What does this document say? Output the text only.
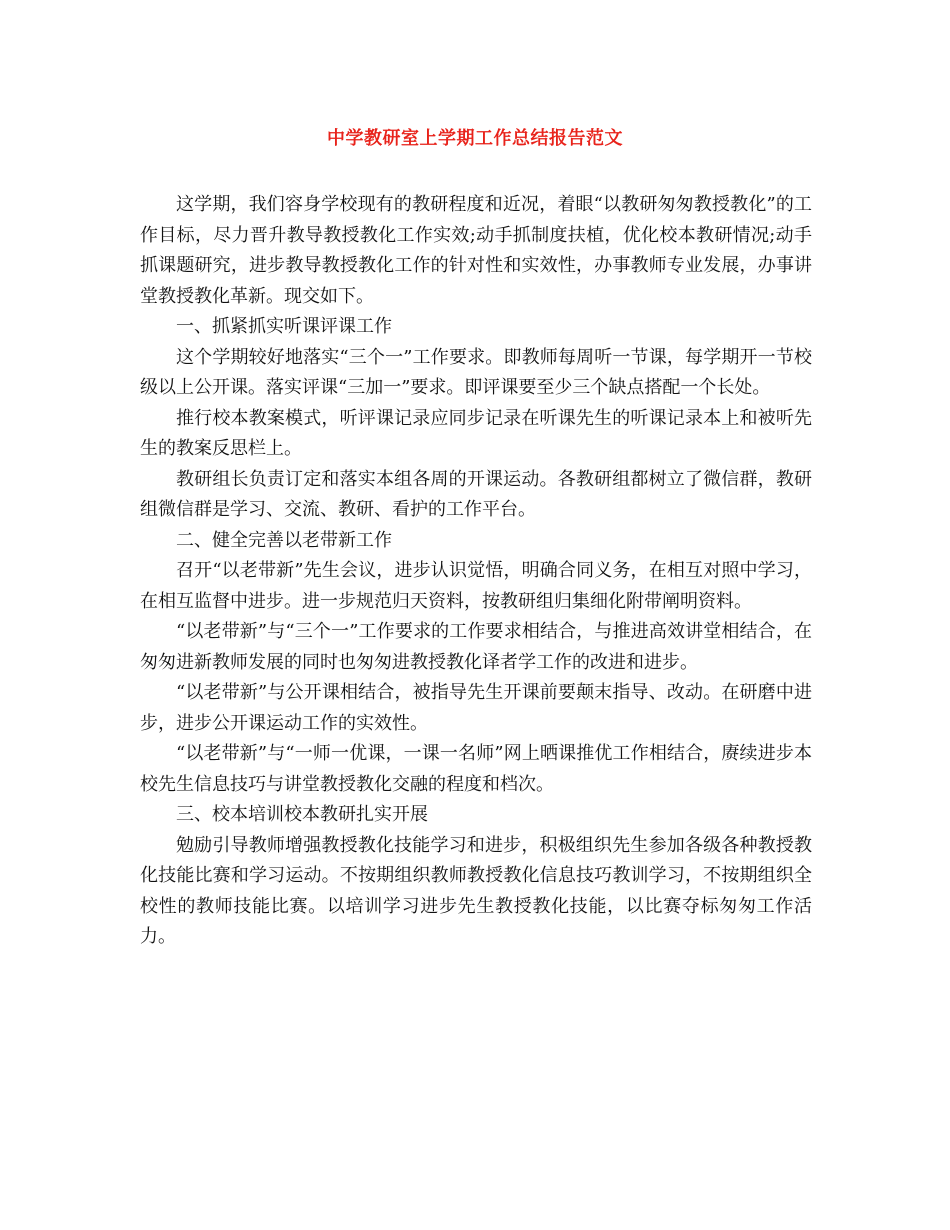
中学教研室上学期工作总结报告范文

这学期，我们容身学校现有的教研程度和近况，着眼“以教研匆匆教授教化”的工作目标，尽力晋升教导教授教化工作实效;动手抓制度扶植，优化校本教研情况;动手抓课题研究，进步教导教授教化工作的针对性和实效性，办事教师专业发展，办事讲堂教授教化革新。现交如下。

一、抓紧抓实听课评课工作

这个学期较好地落实“三个一”工作要求。即教师每周听一节课，每学期开一节校级以上公开课。落实评课“三加一”要求。即评课要至少三个缺点搭配一个长处。

推行校本教案模式，听评课记录应同步记录在听课先生的听课记录本上和被听先生的教案反思栏上。

教研组长负责订定和落实本组各周的开课运动。各教研组都树立了微信群，教研组微信群是学习、交流、教研、看护的工作平台。

二、健全完善以老带新工作

召开“以老带新”先生会议，进步认识觉悟，明确合同义务，在相互对照中学习，在相互监督中进步。进一步规范归天资料，按教研组归集细化附带阐明资料。

“以老带新”与“三个一”工作要求的工作要求相结合，与推进高效讲堂相结合，在匆匆进新教师发展的同时也匆匆进教授教化译者学工作的改进和进步。

“以老带新”与公开课相结合，被指导先生开课前要颠末指导、改动。在研磨中进步，进步公开课运动工作的实效性。

“以老带新”与“一师一优课，一课一名师”网上晒课推优工作相结合，赓续进步本校先生信息技巧与讲堂教授教化交融的程度和档次。

三、校本培训校本教研扎实开展

勉励引导教师增强教授教化技能学习和进步，积极组织先生参加各级各种教授教化技能比赛和学习运动。不按期组织教师教授教化信息技巧教训学习，不按期组织全校性的教师技能比赛。以培训学习进步先生教授教化技能，以比赛夺标匆匆工作活力。
